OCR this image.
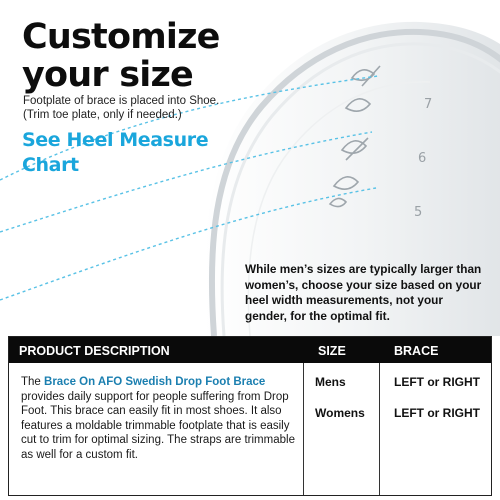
7
6
5
Customize
your size
Footplate of brace is placed into Shoe.
(Trim toe plate, only if needed.)
See Heel Measure
Chart
While men’s sizes are typically larger than women’s, choose your size based on your heel width measurements, not your gender, for the optimal fit.
PRODUCT DESCRIPTION	SIZE	BRACE
The Brace On AFO Swedish Drop Foot Brace provides daily support for people suffering from Drop Foot. This brace can easily fit in most shoes. It also features a moldable trimmable footplate that is easily cut to trim for optimal sizing. The straps are trimmable as well for a custom fit.
Mens	LEFT or RIGHT
Womens LEFT or RIGHT
